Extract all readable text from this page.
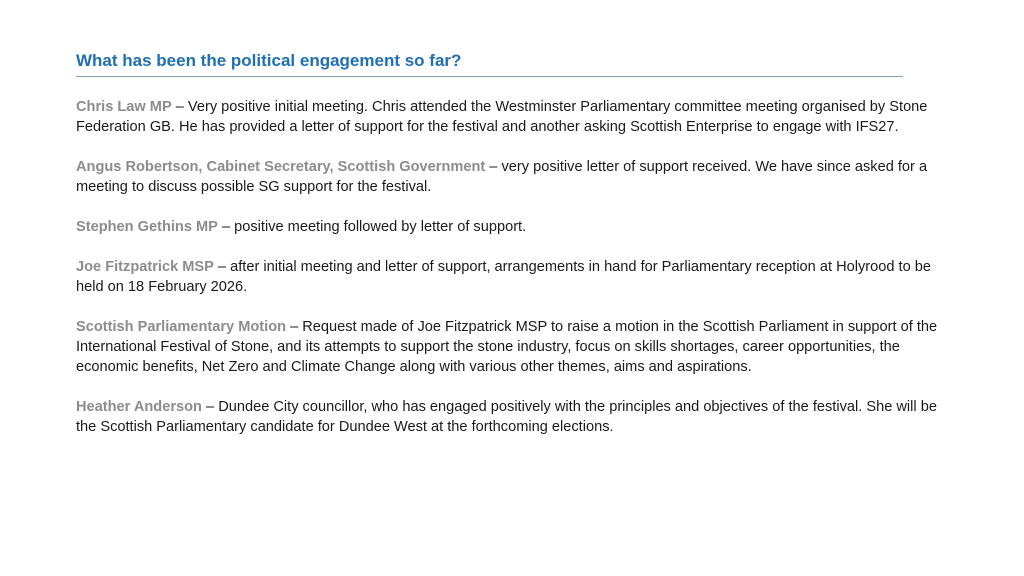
What has been the political engagement so far?

Chris Law MP – Very positive initial meeting. Chris attended the Westminster Parliamentary committee meeting organised by Stone Federation GB. He has provided a letter of support for the festival and another asking Scottish Enterprise to engage with IFS27.

Angus Robertson, Cabinet Secretary, Scottish Government – very positive letter of support received. We have since asked for a meeting to discuss possible SG support for the festival.

Stephen Gethins MP – positive meeting followed by letter of support.

Joe Fitzpatrick MSP – after initial meeting and letter of support, arrangements in hand for Parliamentary reception at Holyrood to be held on 18 February 2026.

Scottish Parliamentary Motion – Request made of Joe Fitzpatrick MSP to raise a motion in the Scottish Parliament in support of the International Festival of Stone, and its attempts to support the stone industry, focus on skills shortages, career opportunities, the economic benefits, Net Zero and Climate Change along with various other themes, aims and aspirations.

Heather Anderson – Dundee City councillor, who has engaged positively with the principles and objectives of the festival. She will be the Scottish Parliamentary candidate for Dundee West at the forthcoming elections.
